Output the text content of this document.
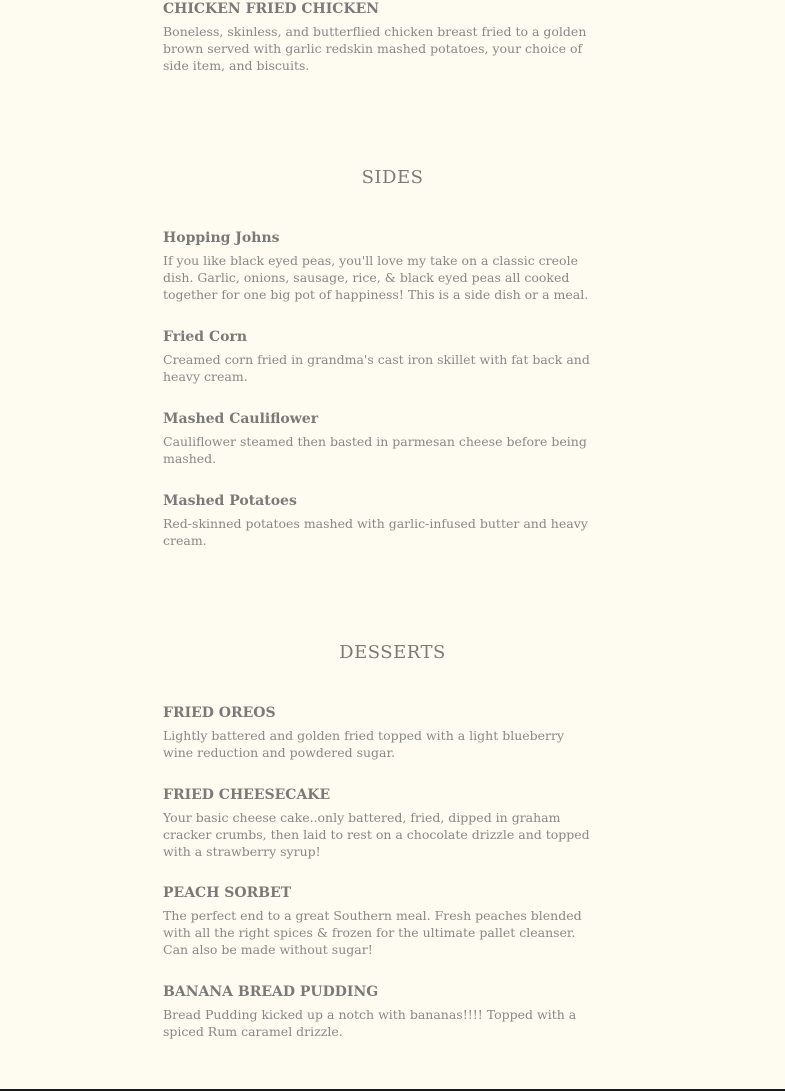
CHICKEN FRIED CHICKEN
Boneless, skinless, and butterflied chicken breast fried to a golden brown served with garlic redskin mashed potatoes, your choice of side item, and biscuits.
SIDES
Hopping Johns
If you like black eyed peas, you'll love my take on a classic creole dish. Garlic, onions, sausage, rice, & black eyed peas all cooked together for one big pot of happiness! This is a side dish or a meal.
Fried Corn
Creamed corn fried in grandma's cast iron skillet with fat back and heavy cream.
Mashed Cauliflower
Cauliflower steamed then basted in parmesan cheese before being mashed.
Mashed Potatoes
Red-skinned potatoes mashed with garlic-infused butter and heavy cream.
DESSERTS
FRIED OREOS
Lightly battered and golden fried topped with a light blueberry wine reduction and powdered sugar.
FRIED CHEESECAKE
Your basic cheese cake..only battered, fried, dipped in graham cracker crumbs, then laid to rest on a chocolate drizzle and topped with a strawberry syrup!
PEACH SORBET
The perfect end to a great Southern meal. Fresh peaches blended with all the right spices & frozen for the ultimate pallet cleanser. Can also be made without sugar!
BANANA BREAD PUDDING
Bread Pudding kicked up a notch with bananas!!!! Topped with a spiced Rum caramel drizzle.
